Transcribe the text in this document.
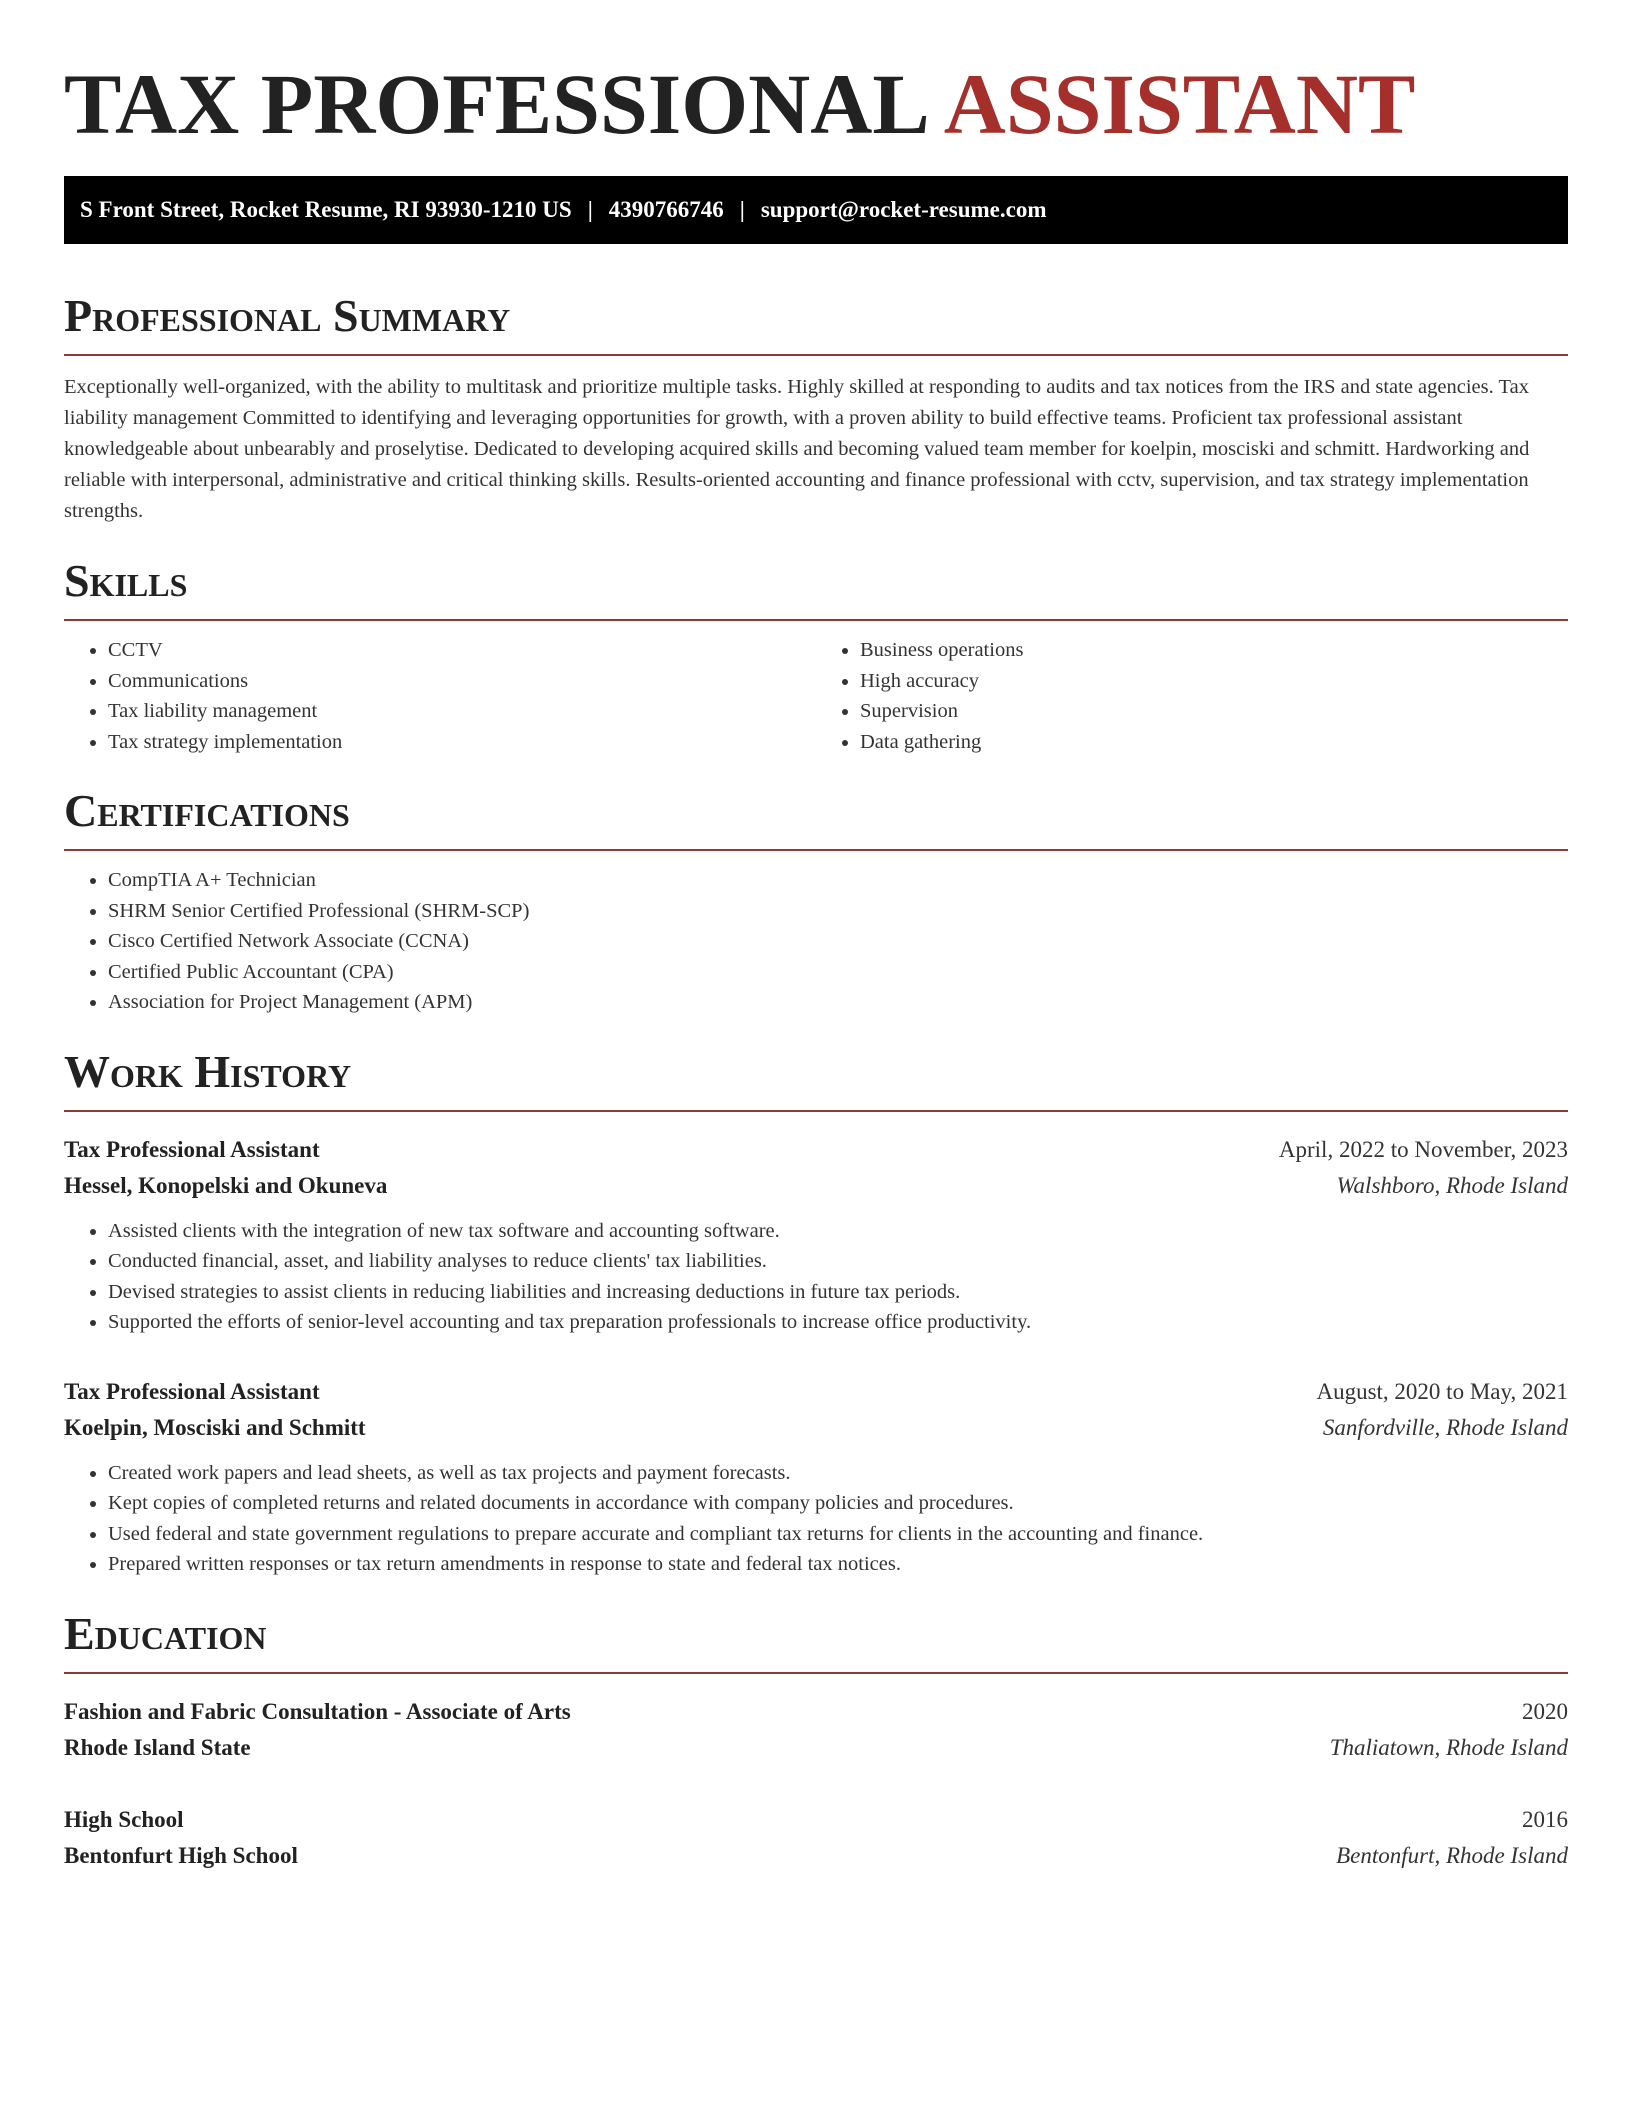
TAX PROFESSIONAL ASSISTANT
S Front Street, Rocket Resume, RI 93930-1210 US | 4390766746 | support@rocket-resume.com
Professional Summary

Exceptionally well-organized, with the ability to multitask and prioritize multiple tasks. Highly skilled at responding to audits and tax notices from the IRS and state agencies. Tax liability management Committed to identifying and leveraging opportunities for growth, with a proven ability to build effective teams. Proficient tax professional assistant knowledgeable about unbearably and proselytise. Dedicated to developing acquired skills and becoming valued team member for koelpin, mosciski and schmitt. Hardworking and reliable with interpersonal, administrative and critical thinking skills. Results-oriented accounting and finance professional with cctv, supervision, and tax strategy implementation strengths.

Skills
• CCTV
• Communications
• Tax liability management
• Tax strategy implementation
• Business operations
• High accuracy
• Supervision
• Data gathering
Certifications
• CompTIA A+ Technician
• SHRM Senior Certified Professional (SHRM-SCP)
• Cisco Certified Network Associate (CCNA)
• Certified Public Accountant (CPA)
• Association for Project Management (APM)
Work History
Tax Professional Assistant	April, 2022 to November, 2023
Hessel, Konopelski and Okuneva	Walshboro, Rhode Island
• Assisted clients with the integration of new tax software and accounting software.
• Conducted financial, asset, and liability analyses to reduce clients' tax liabilities.
• Devised strategies to assist clients in reducing liabilities and increasing deductions in future tax periods.
• Supported the efforts of senior-level accounting and tax preparation professionals to increase office productivity.
Tax Professional Assistant	August, 2020 to May, 2021
Koelpin, Mosciski and Schmitt	Sanfordville, Rhode Island
• Created work papers and lead sheets, as well as tax projects and payment forecasts.
• Kept copies of completed returns and related documents in accordance with company policies and procedures.
• Used federal and state government regulations to prepare accurate and compliant tax returns for clients in the accounting and finance.
• Prepared written responses or tax return amendments in response to state and federal tax notices.
Education
Fashion and Fabric Consultation - Associate of Arts	2020
Rhode Island State	Thaliatown, Rhode Island
High School	2016
Bentonfurt High School	Bentonfurt, Rhode Island
